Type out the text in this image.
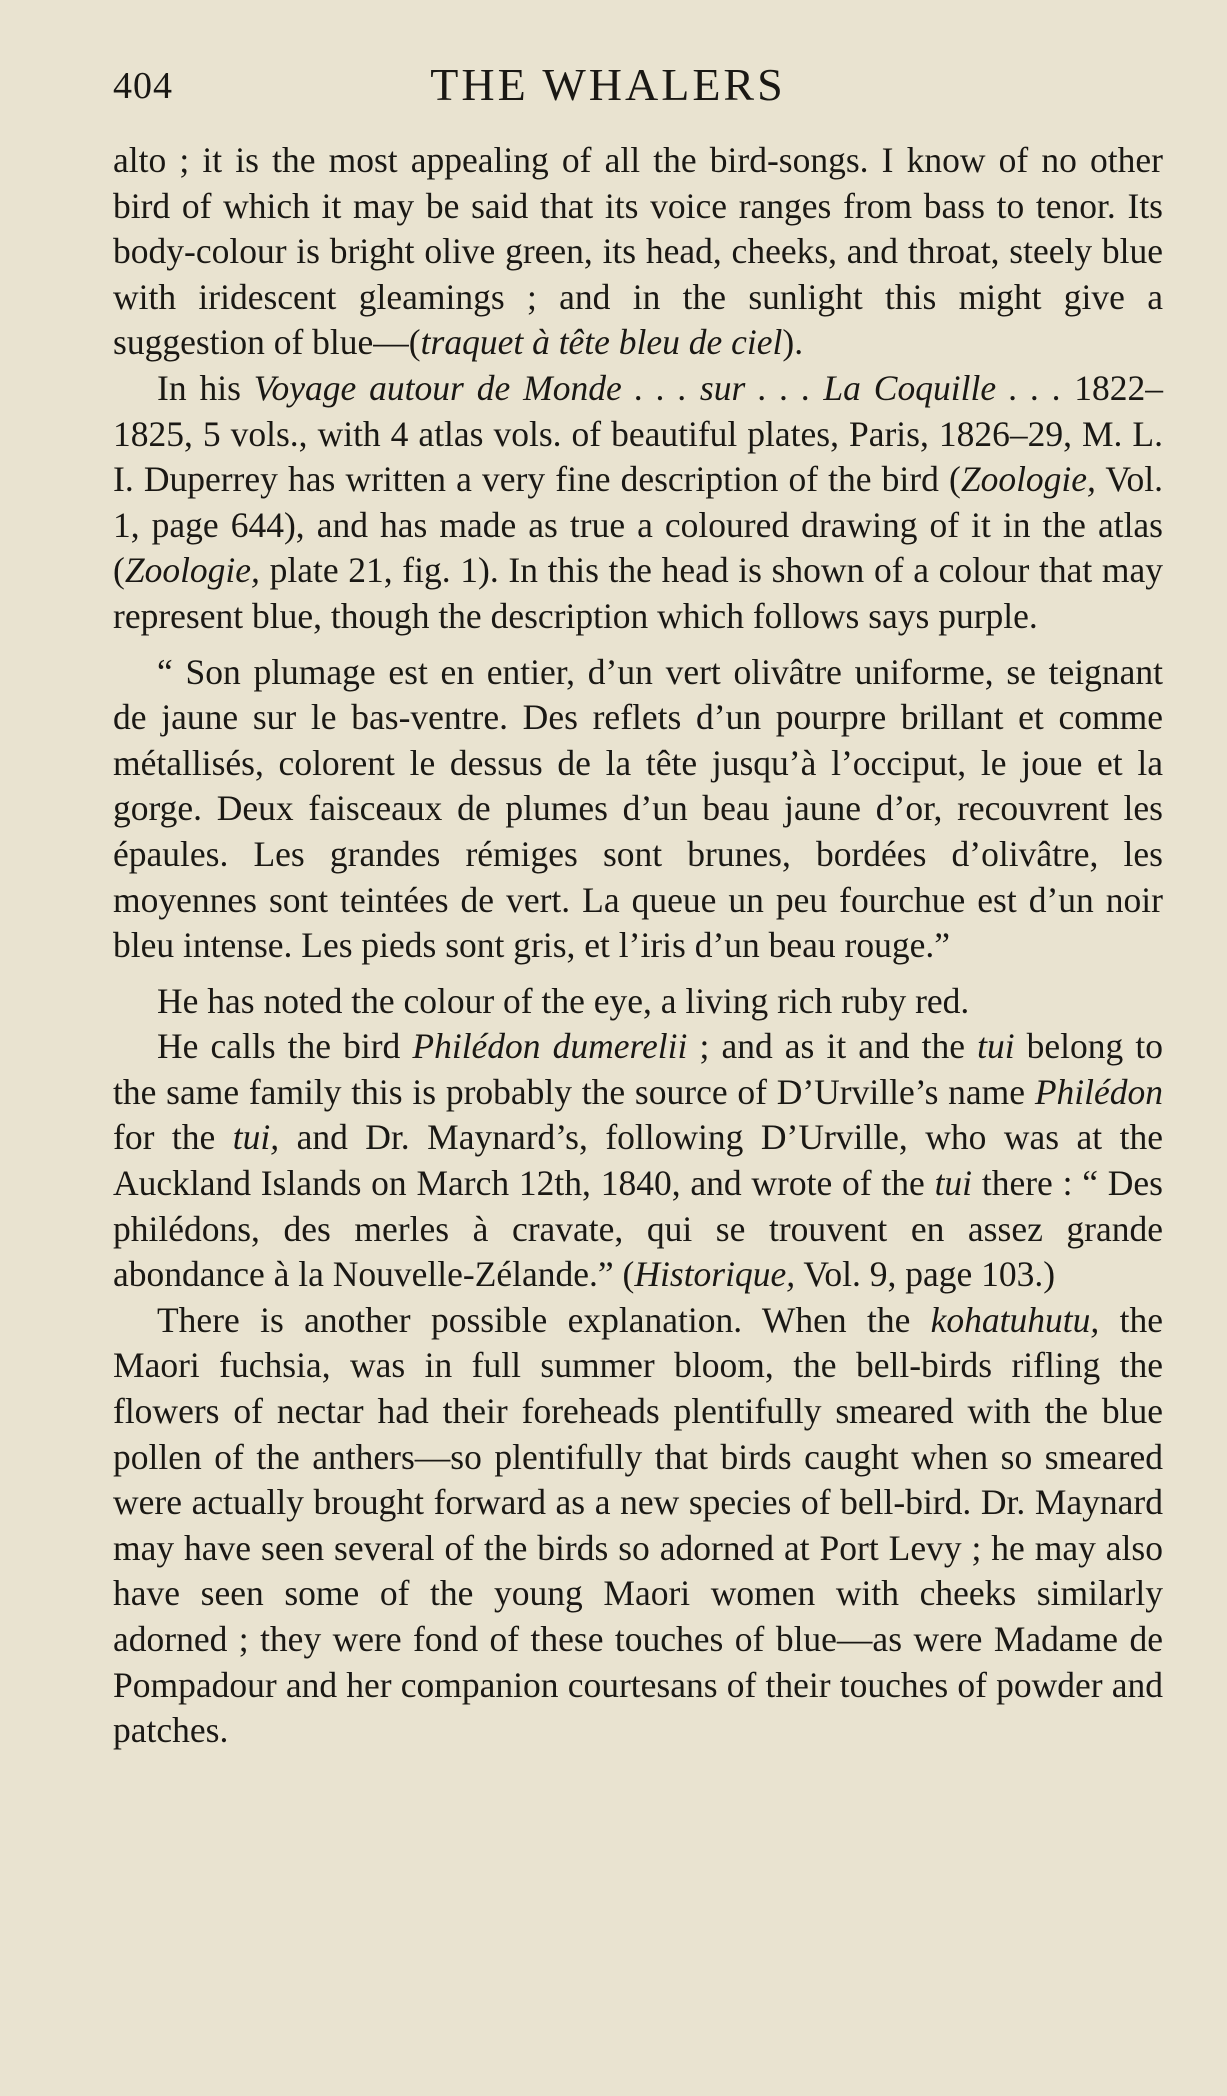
404	THE WHALERS

alto ; it is the most appealing of all the bird-songs. I know of no other bird of which it may be said that its voice ranges from bass to tenor. Its body-colour is bright olive green, its head, cheeks, and throat, steely blue with iridescent gleamings ; and in the sunlight this might give a suggestion of blue—(traquet à tête bleu de ciel).

In his Voyage autour de Monde . . . sur . . . La Coquille . . . 1822–1825, 5 vols., with 4 atlas vols. of beautiful plates, Paris, 1826–29, M. L. I. Duperrey has written a very fine description of the bird (Zoologie, Vol. 1, page 644), and has made as true a coloured drawing of it in the atlas (Zoologie, plate 21, fig. 1). In this the head is shown of a colour that may represent blue, though the description which follows says purple.

“ Son plumage est en entier, d’un vert olivâtre uniforme, se teignant de jaune sur le bas-ventre. Des reflets d’un pourpre brillant et comme métallisés, colorent le dessus de la tête jusqu’à l’occiput, le joue et la gorge. Deux faisceaux de plumes d’un beau jaune d’or, recouvrent les épaules. Les grandes rémiges sont brunes, bordées d’olivâtre, les moyennes sont teintées de vert. La queue un peu fourchue est d’un noir bleu intense. Les pieds sont gris, et l’iris d’un beau rouge.”

He has noted the colour of the eye, a living rich ruby red.

He calls the bird Philédon dumerelii ; and as it and the tui belong to the same family this is probably the source of D’Urville’s name Philédon for the tui, and Dr. Maynard’s, following D’Urville, who was at the Auckland Islands on March 12th, 1840, and wrote of the tui there : “ Des philédons, des merles à cravate, qui se trouvent en assez grande abondance à la Nouvelle-Zélande.” (Historique, Vol. 9, page 103.)

There is another possible explanation. When the kohatuhutu, the Maori fuchsia, was in full summer bloom, the bell-birds rifling the flowers of nectar had their foreheads plentifully smeared with the blue pollen of the anthers—so plentifully that birds caught when so smeared were actually brought forward as a new species of bell-bird. Dr. Maynard may have seen several of the birds so adorned at Port Levy ; he may also have seen some of the young Maori women with cheeks similarly adorned ; they were fond of these touches of blue—as were Madame de Pompadour and her companion courtesans of their touches of powder and patches.
